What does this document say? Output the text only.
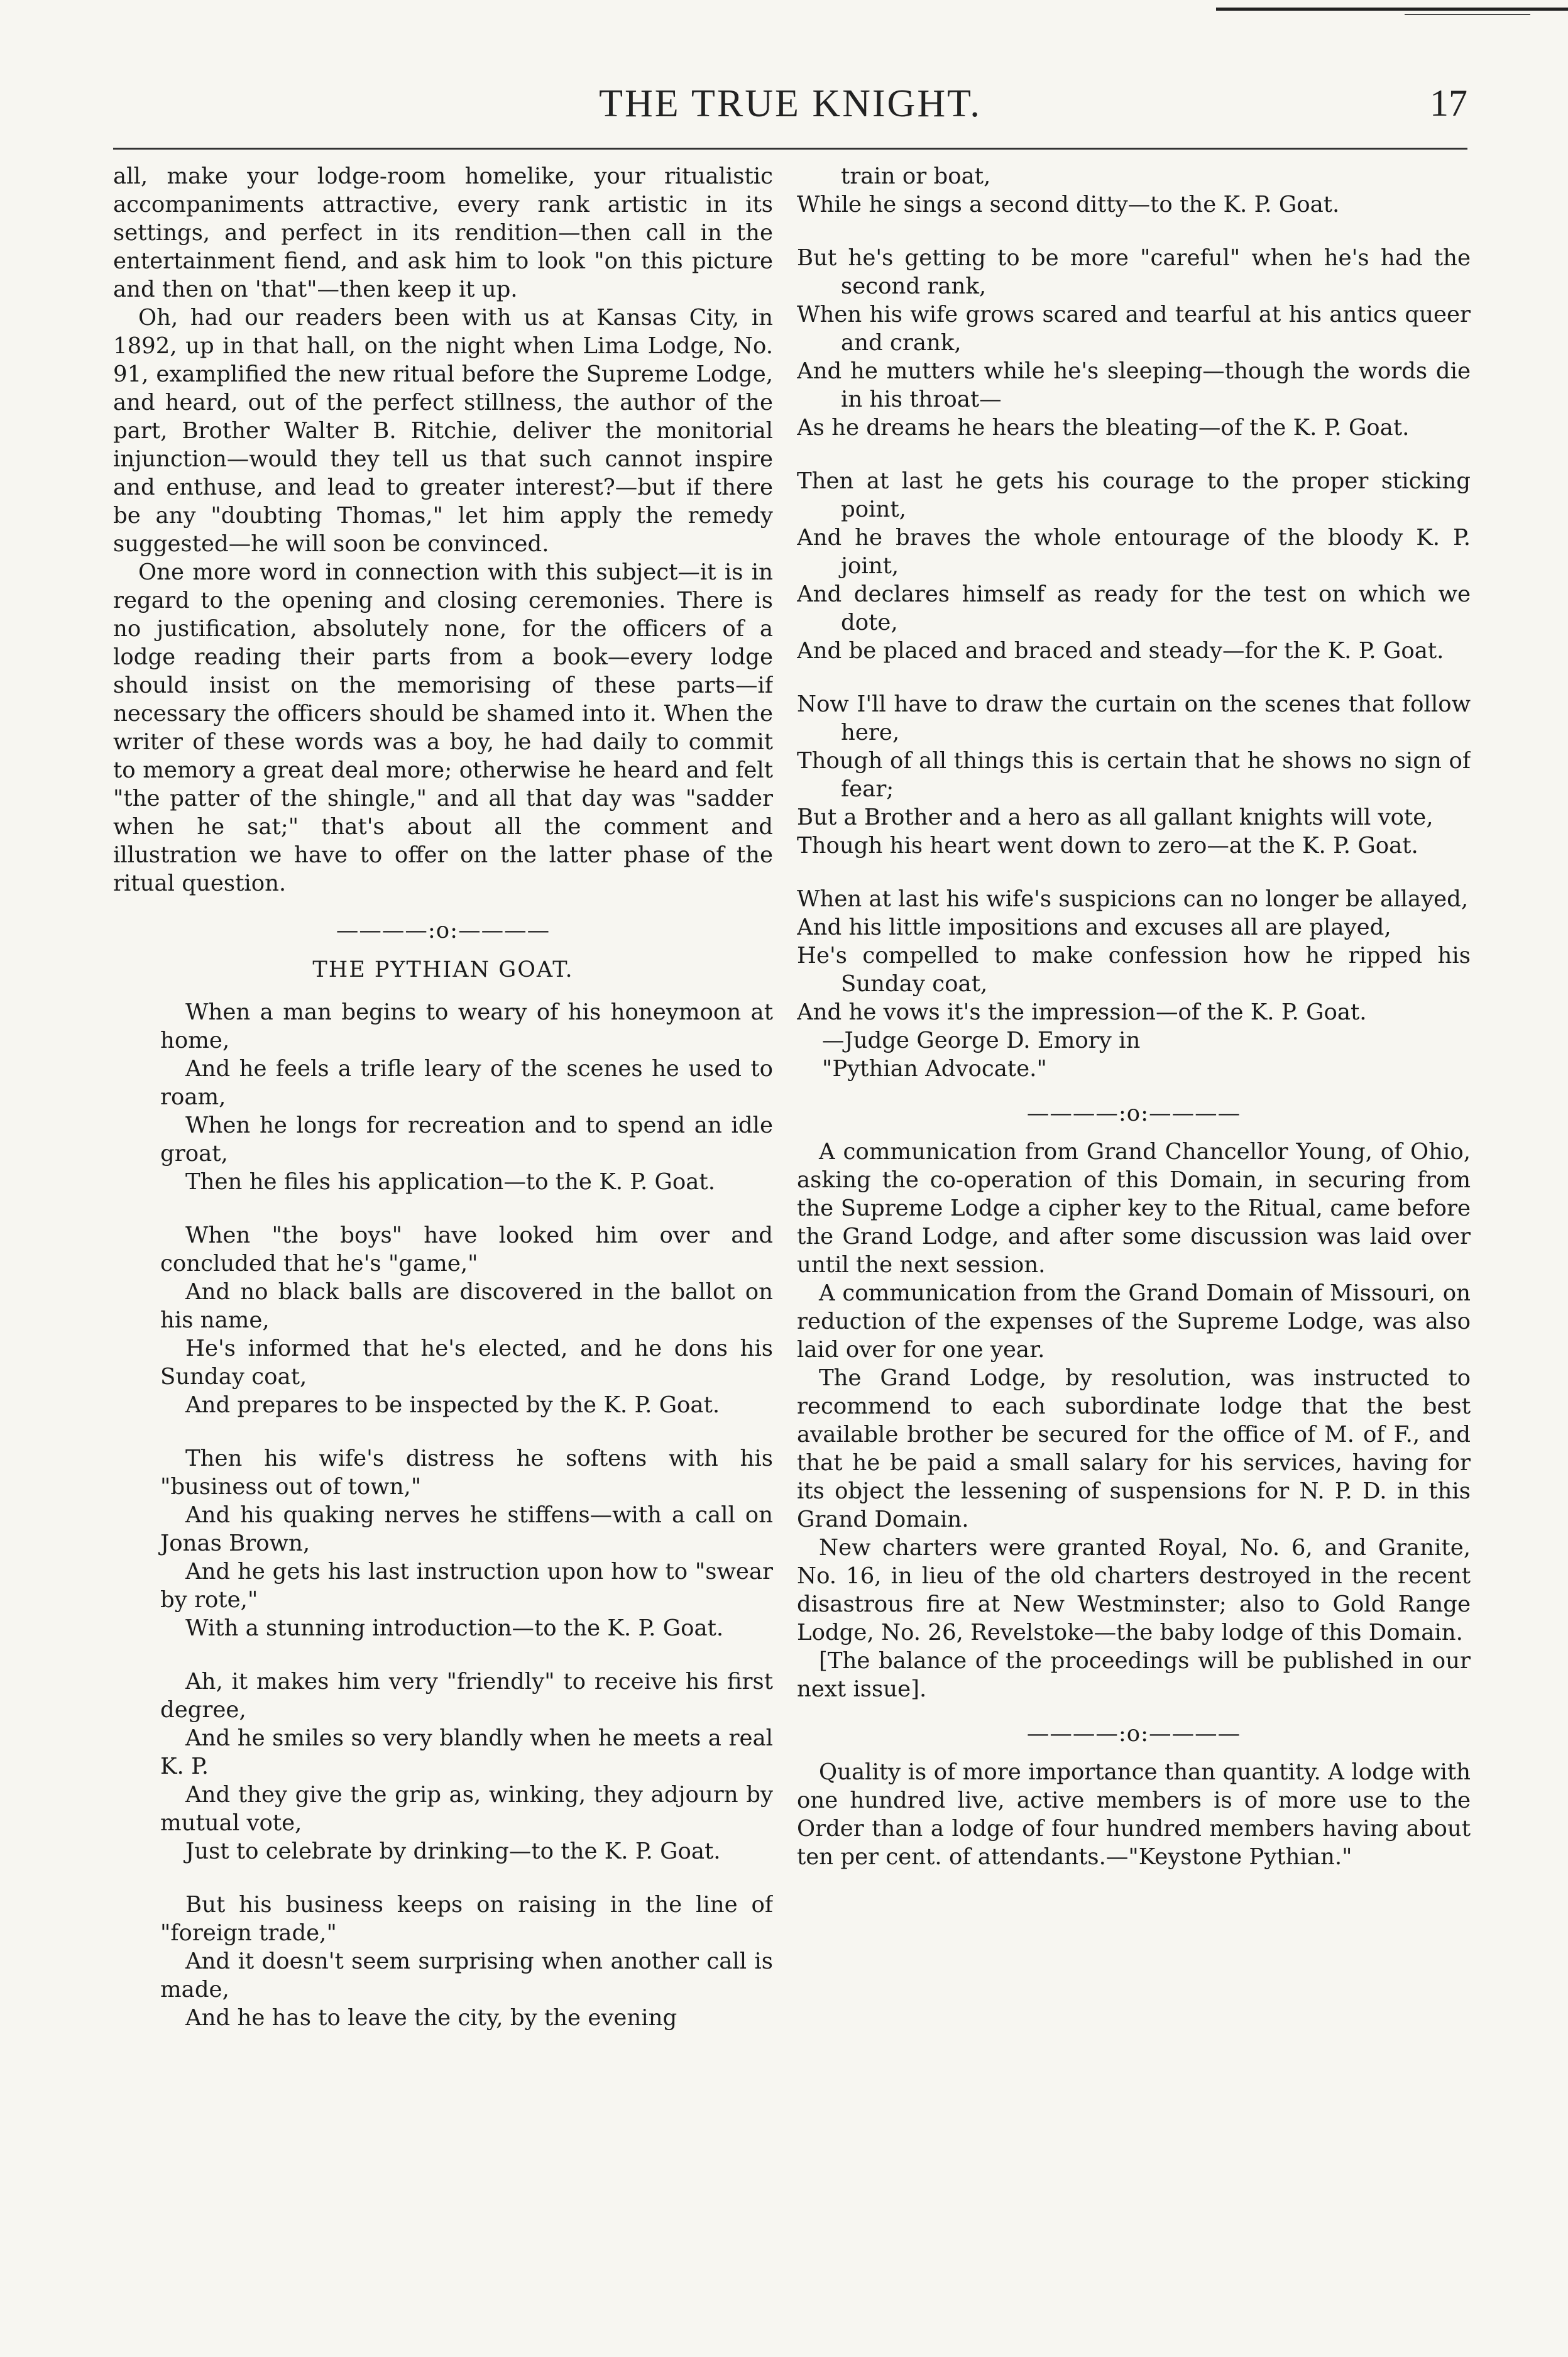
THE TRUE KNIGHT.	17

all, make your lodge-room homelike, your ritualistic accompaniments attractive, every rank artistic in its settings, and perfect in its rendition—then call in the entertainment fiend, and ask him to look "on this picture and then on 'that"—then keep it up.

Oh, had our readers been with us at Kansas City, in 1892, up in that hall, on the night when Lima Lodge, No. 91, examplified the new ritual before the Supreme Lodge, and heard, out of the perfect stillness, the author of the part, Brother Walter B. Ritchie, deliver the monitorial injunction—would they tell us that such cannot inspire and enthuse, and lead to greater interest?—but if there be any "doubting Thomas," let him apply the remedy suggested—he will soon be convinced.

One more word in connection with this subject—it is in regard to the opening and closing ceremonies. There is no justification, absolutely none, for the officers of a lodge reading their parts from a book—every lodge should insist on the memorising of these parts—if necessary the officers should be shamed into it. When the writer of these words was a boy, he had daily to commit to memory a great deal more; otherwise he heard and felt "the patter of the shingle," and all that day was "sadder when he sat;" that's about all the comment and illustration we have to offer on the latter phase of the ritual question.

————:o:————
THE PYTHIAN GOAT.

When a man begins to weary of his honeymoon at home,

And he feels a trifle leary of the scenes he used to roam,

When he longs for recreation and to spend an idle groat,

Then he files his application—to the K. P. Goat.

When "the boys" have looked him over and concluded that he's "game,"

And no black balls are discovered in the ballot on his name,

He's informed that he's elected, and he dons his Sunday coat,

And prepares to be inspected by the K. P. Goat.

Then his wife's distress he softens with his "business out of town,"

And his quaking nerves he stiffens—with a call on Jonas Brown,

And he gets his last instruction upon how to "swear by rote,"

With a stunning introduction—to the K. P. Goat.

Ah, it makes him very "friendly" to receive his first degree,

And he smiles so very blandly when he meets a real K. P.

And they give the grip as, winking, they adjourn by mutual vote,

Just to celebrate by drinking—to the K. P. Goat.

But his business keeps on raising in the line of "foreign trade,"

And it doesn't seem surprising when another call is made,

And he has to leave the city, by the evening

train or boat,

While he sings a second ditty—to the K. P. Goat.

But he's getting to be more "careful" when he's had the second rank,

When his wife grows scared and tearful at his antics queer and crank,

And he mutters while he's sleeping—though the words die in his throat—

As he dreams he hears the bleating—of the K. P. Goat.

Then at last he gets his courage to the proper sticking point,

And he braves the whole entourage of the bloody K. P. joint,

And declares himself as ready for the test on which we dote,

And be placed and braced and steady—for the K. P. Goat.

Now I'll have to draw the curtain on the scenes that follow here,

Though of all things this is certain that he shows no sign of fear;

But a Brother and a hero as all gallant knights will vote,

Though his heart went down to zero—at the K. P. Goat.

When at last his wife's suspicions can no longer be allayed,

And his little impositions and excuses all are played,

He's compelled to make confession how he ripped his Sunday coat,

And he vows it's the impression—of the K. P. Goat.

—Judge George D. Emory in

"Pythian Advocate."

————:o:————

A communication from Grand Chancellor Young, of Ohio, asking the co-operation of this Domain, in securing from the Supreme Lodge a cipher key to the Ritual, came before the Grand Lodge, and after some discussion was laid over until the next session.

A communication from the Grand Domain of Missouri, on reduction of the expenses of the Supreme Lodge, was also laid over for one year.

The Grand Lodge, by resolution, was instructed to recommend to each subordinate lodge that the best available brother be secured for the office of M. of F., and that he be paid a small salary for his services, having for its object the lessening of suspensions for N. P. D. in this Grand Domain.

New charters were granted Royal, No. 6, and Granite, No. 16, in lieu of the old charters destroyed in the recent disastrous fire at New Westminster; also to Gold Range Lodge, No. 26, Revelstoke—the baby lodge of this Domain.

[The balance of the proceedings will be published in our next issue].

————:o:————

Quality is of more importance than quantity. A lodge with one hundred live, active members is of more use to the Order than a lodge of four hundred members having about ten per cent. of attendants.—"Keystone Pythian."
